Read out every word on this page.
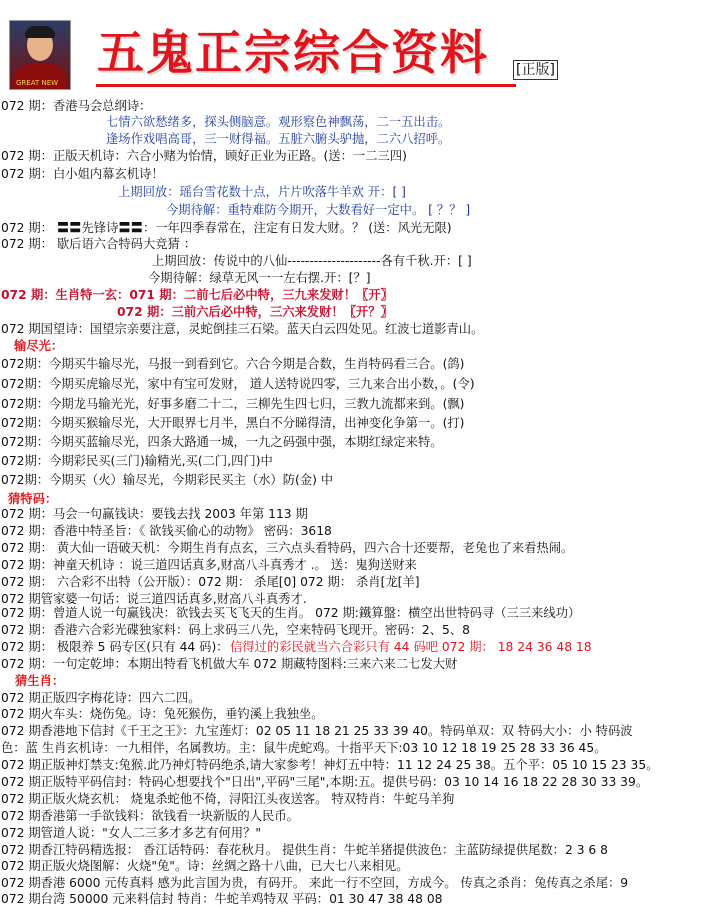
GREAT NEW
五鬼正宗综合资料 [正版]
072 期：香港马会总纲诗：
七情六欲愁绪多，探头侧脑意。观形察色神飘荡，二一五出击。
逢场作戏唱高哥，三一财得福。五脏六腑头驴抛，二六八招呼。
072 期：正版天机诗：六合小赌为怡情，顾好正业为正路。(送：一二三四)
072 期：白小姐内幕玄机诗！
上期回放：瑶台雪花数十点，片片吹落牛羊欢 开：[ ]
今期待解：重特难防今期开，大数看好一定中。 [ ？？ ]
072 期： 〓〓先锋诗〓〓：一年四季春常在，注定有日发大财。？ (送：风光无限)
072 期： 歇后语六合特码大竞猜 ：
上期回放：传说中的八仙---------------------各有千秋.开：[ ]
今期待解：绿草无风一一左右摆.开：[？]
072 期：生肖特一玄：071 期：二前七后必中特，三九来发财！〖开〗
072 期：三前六后必中特，三六来发财！〖开？〗
072 期国望诗：国望宗亲要注意，灵蛇倒挂三石梁。蓝天白云四处见。红波七道影青山。
输尽光：
072期：今期买牛输尽光，马报一到看到它。六合今期是合数，生肖特码看三合。(鸽)
072期：今期买虎输尽光，家中有宝可发财， 道人送特说四零，三九来合出小数，。(令)
072期：今期龙马输光光，好事多磨二十二，三柳先生四七归，三教九流都来到。(飘)
072期：今期买猴输尽光，大开眼界七月半，黑白不分睇得清，出神变化争第一。(打)
072期：今期买蓝输尽光，四条大路通一城，一九之码强中强，本期红绿定来特。
072期：今期彩民买(三门)输精光,买(二门,四门)中
072期：今期买（火）输尽光，今期彩民买主（水）防(金) 中
猜特码：
072 期：马会一句赢钱诀：要钱去找 2003 年第 113 期
072 期：香港中特圣旨：《 欲钱买偷心的动物》 密码：3618
072 期： 黄大仙一语破天机：今期生肖有点玄，三六点头看特码，四六合十还要帮，老兔也了来看热闹。
072 期：神童天机诗 ：说三道四话真多,财高八斗真秀才 .。 送：鬼狗送财来
072 期： 六合彩不出特（公开版）：072 期： 杀尾[0] 072 期： 杀肖[龙[羊]
072 期管家婆一句话：说三道四话真多,财高八斗真秀才.
072 期：曾道人说一句赢钱决：欲钱去买飞飞天的生肖。 072 期:鐵算盤：横空出世特码寻（三三来线功）
072 期：香港六合彩光碟独家料：码上求码三八先，空来特码飞现开。密码：2、5、8
072 期： 极限养 5 码专区(只有 44 码)： 信得过的彩民就当六合彩只有 44 码吧 072 期： 18 24 36 48 18
072 期：一句定乾坤：本期出特看飞机做大车 072 期藏特图料:三来六来二七发大财
猜生肖：
072 期正版四字梅花诗：四六二四。
072 期火车头：烧伤兔。诗：兔死猴伤，垂钓溪上我独坐。
072 期香港地下信封《千王之王》：九宝莲灯：02 05 11 18 21 25 33 39 40。特码单双：双 特码大小：小 特码波
色：蓝 生肖玄机诗：一九相伴，名属教坊。主：鼠牛虎蛇鸡。十指平天下:03 10 12 18 19 25 28 33 36 45。
072 期正版神灯禁支:兔猴.此乃神灯特码绝杀,请大家参考！神灯五中特：11 12 24 25 38。五个平：05 10 15 23 35。
072 期正版特平码信封：特码心想要找个"日出",平码"三尾",本期:五。提供号码：03 10 14 16 18 22 28 30 33 39。
072 期正版火烧玄机： 烧鬼杀蛇他不倚，浔阳江头夜送客。 特双特肖：牛蛇马羊狗
072 期香港第一手欲钱料：欲钱看一块新版的人民币。
072 期管道人说："女人二三多才多艺有何用？"
072 期香江特码精选报： 香江话特码：春花秋月。 提供生肖：牛蛇羊猪提供波色：主蓝防绿提供尾数：2 3 6 8
072 期正版火烧图解：火烧"兔"。诗：丝绸之路十八曲，已大七八来相见。
072 期香港 6000 元传真料 感为此言国为贵，有码开。 来此一行不空回，方成今。 传真之杀肖：兔传真之杀尾：9
072 期台湾 50000 元来料信封 特肖：牛蛇羊鸡特双 平码：01 30 47 38 48 08
